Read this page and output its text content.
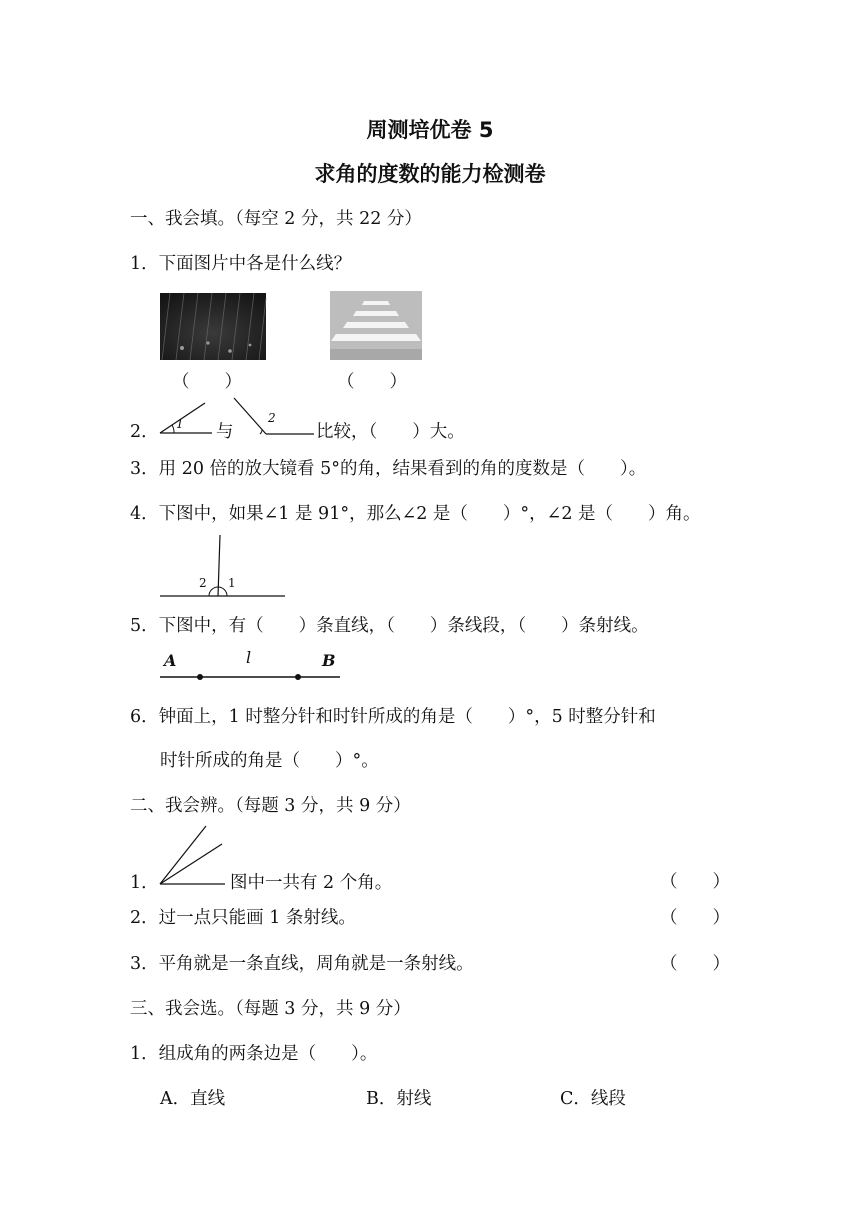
周测培优卷 5
求角的度数的能力检测卷
一、我会填。（每空 2 分，共 22 分）
1．下面图片中各是什么线？
（　　）	（　　）
2． 1 与
2
比较，（　　）大。
3．用 20 倍的放大镜看 5°的角，结果看到的角的度数是（　　）。
4．下图中，如果∠1 是 91°，那么∠2 是（　　）°，∠2 是（　　）角。
2 1
5．下图中，有（　　）条直线，（　　）条线段，（　　）条射线。
A	l	B
6．钟面上，1 时整分针和时针所成的角是（　　）°，5 时整分针和
时针所成的角是（　　）°。
二、我会辨。（每题 3 分，共 9 分）
1．	图中一共有 2 个角。	（　　）
2．过一点只能画 1 条射线。	（　　）
3．平角就是一条直线，周角就是一条射线。	（　　）
三、我会选。（每题 3 分，共 9 分）
1．组成角的两条边是（　　）。
A．直线	B．射线	C．线段
